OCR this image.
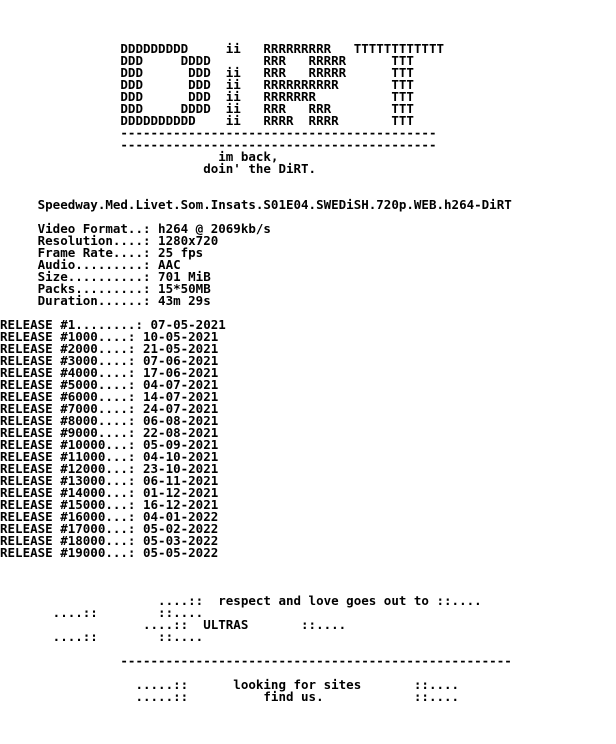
DDDDDDDDD     ii   RRRRRRRRR   TTTTTTTTTTTT
DDD     DDDD       RRR   RRRRR      TTT
DDD      DDD  ii   RRR   RRRRR      TTT
DDD      DDD  ii   RRRRRRRRRR       TTT
DDD      DDD  ii   RRRRRRR          TTT
DDD     DDDD  ii   RRR   RRR        TTT
DDDDDDDDDD    ii   RRRR  RRRR       TTT
------------------------------------------
------------------------------------------
im back,
doin' the DiRT.
Speedway.Med.Livet.Som.Insats.S01E04.SWEDiSH.720p.WEB.h264-DiRT
Video Format..: h264 @ 2069kb/s
Resolution....: 1280x720
Frame Rate....: 25 fps
Audio.........: AAC
Size..........: 701 MiB
Packs.........: 15*50MB
Duration......: 43m 29s
RELEASE #1........: 07-05-2021
RELEASE #1000....: 10-05-2021
RELEASE #2000....: 21-05-2021
RELEASE #3000....: 07-06-2021
RELEASE #4000....: 17-06-2021
RELEASE #5000....: 04-07-2021
RELEASE #6000....: 14-07-2021
RELEASE #7000....: 24-07-2021
RELEASE #8000....: 06-08-2021
RELEASE #9000....: 22-08-2021
RELEASE #10000...: 05-09-2021
RELEASE #11000...: 04-10-2021
RELEASE #12000...: 23-10-2021
RELEASE #13000...: 06-11-2021
RELEASE #14000...: 01-12-2021
RELEASE #15000...: 16-12-2021
RELEASE #16000...: 04-01-2022
RELEASE #17000...: 05-02-2022
RELEASE #18000...: 05-03-2022
RELEASE #19000...: 05-05-2022
....::  respect and love goes out to ::....
....::        ::....
....::  ULTRAS       ::....
....::        ::....
----------------------------------------------------
.....::      looking for sites       ::....
.....::          find us.            ::....
